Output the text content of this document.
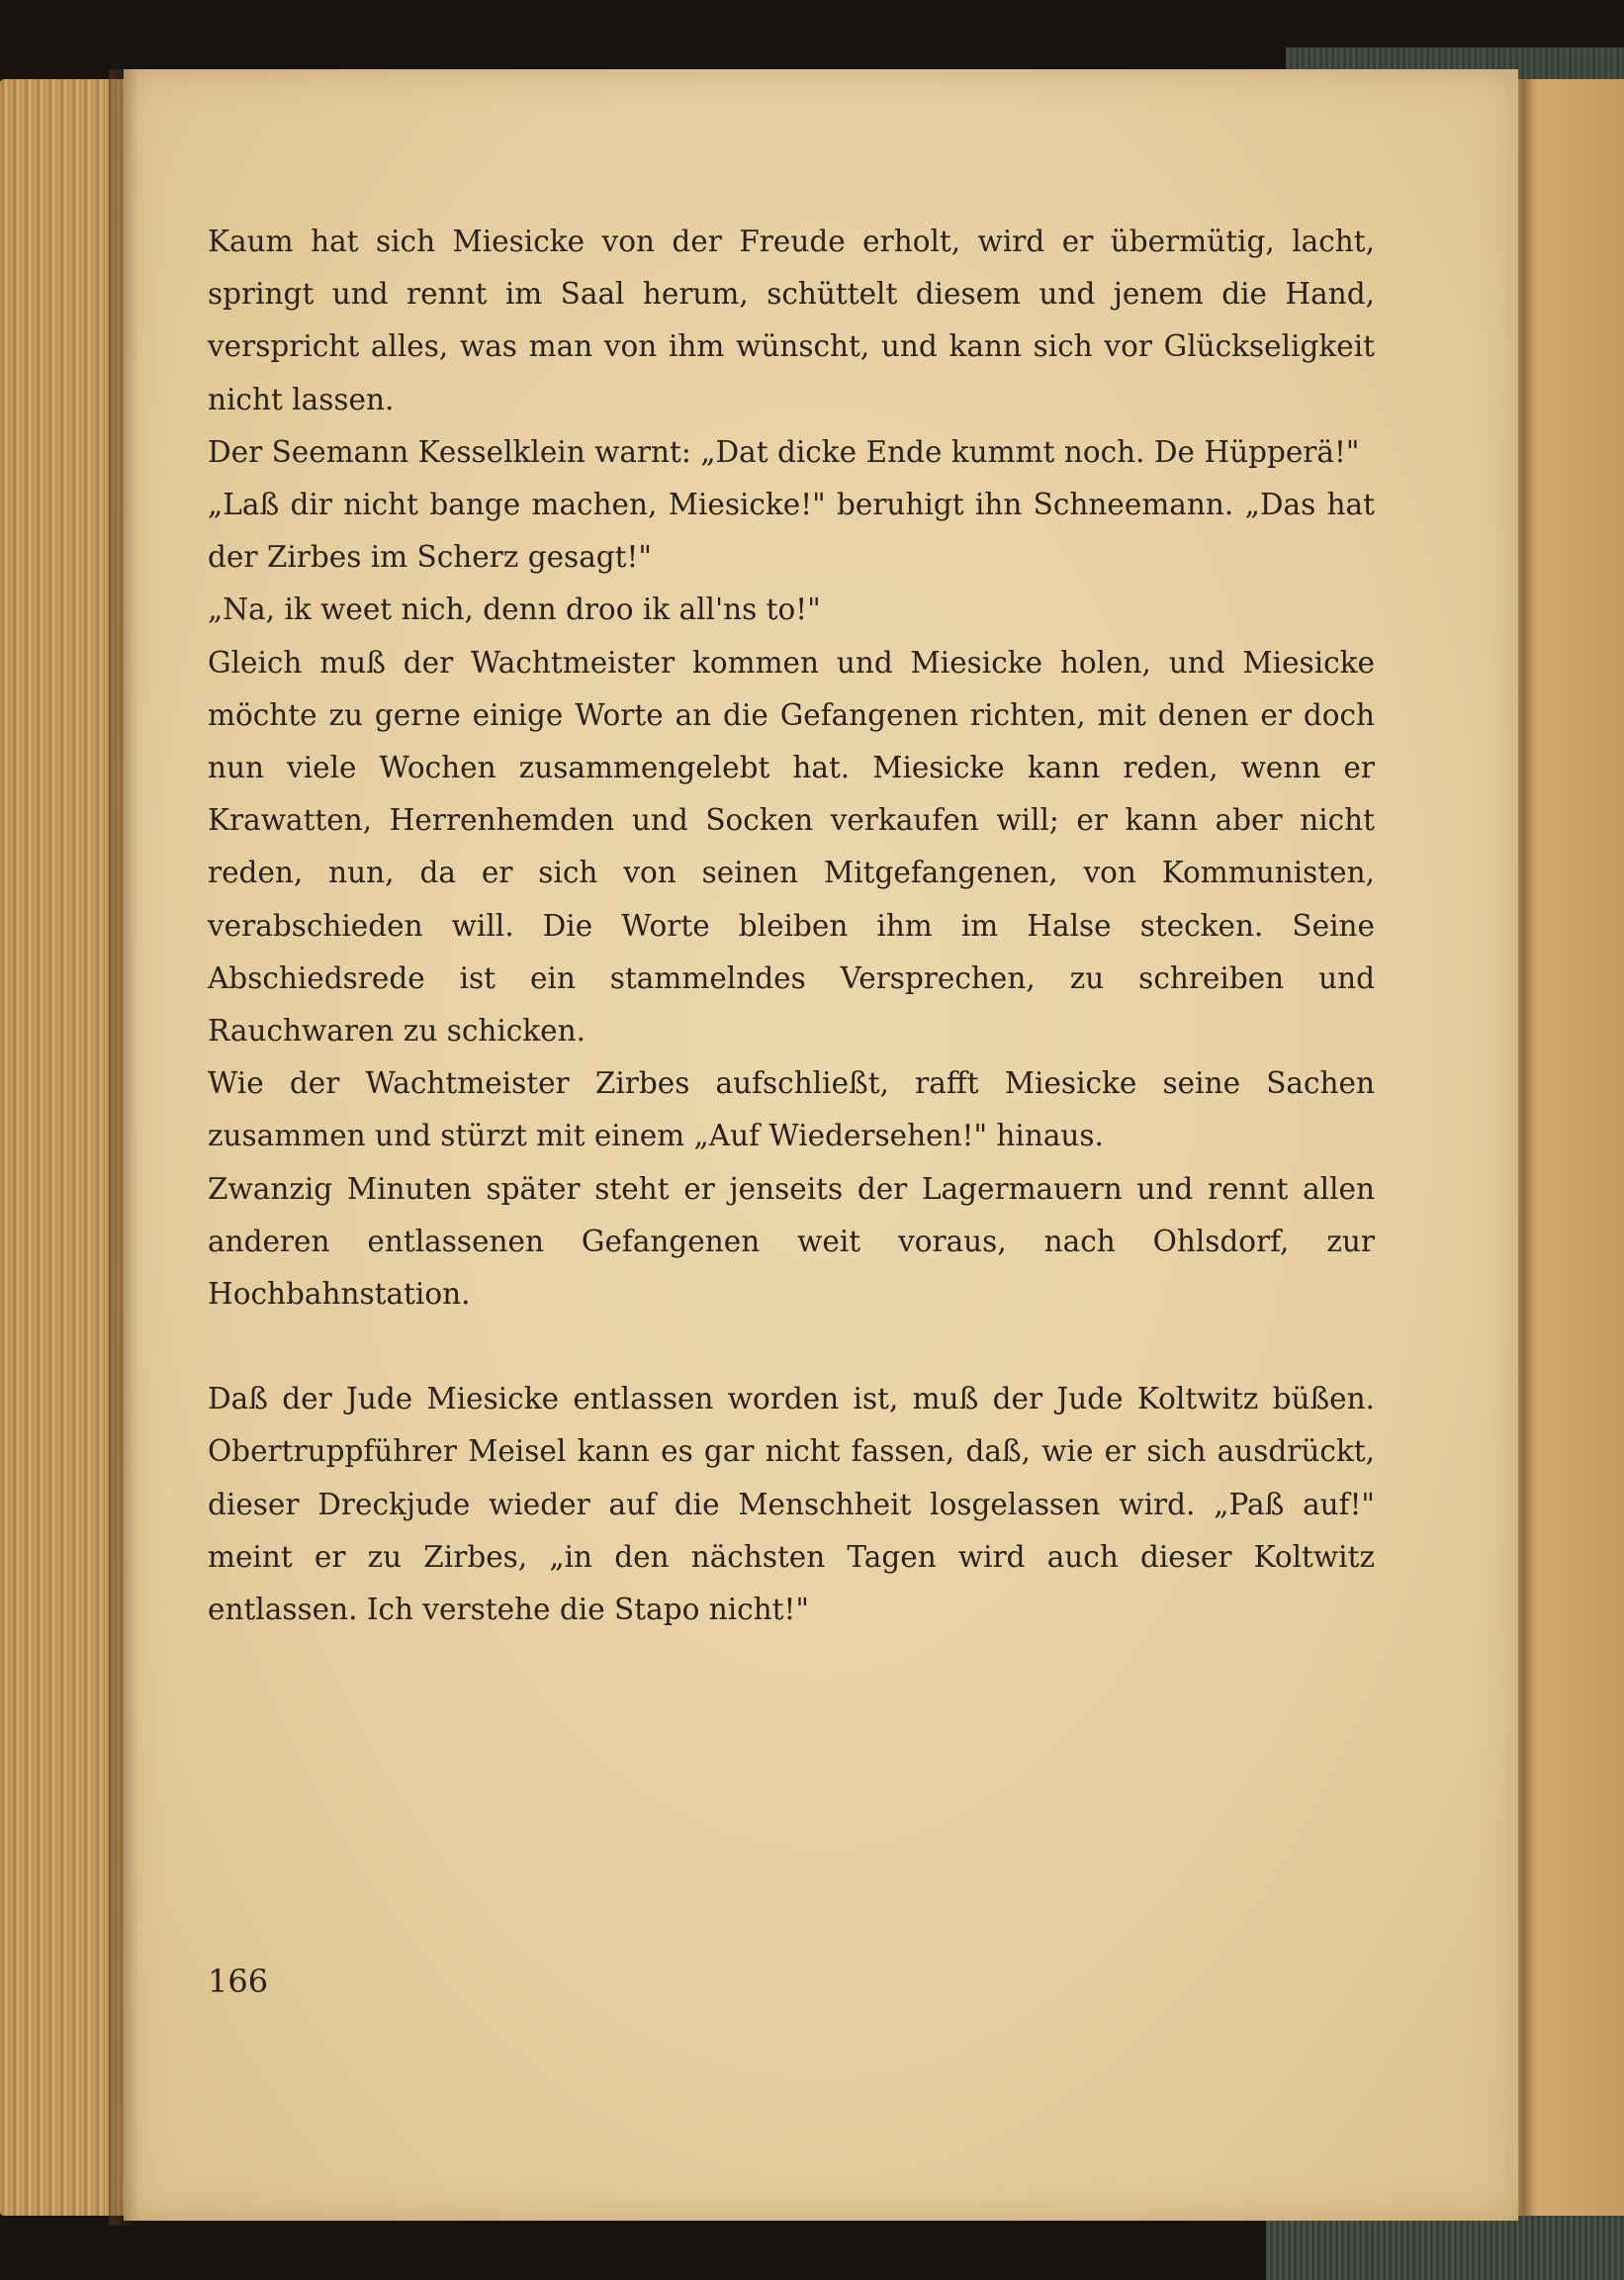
Kaum hat sich Miesicke von der Freude erholt, wird er übermütig, lacht, springt und rennt im Saal herum, schüttelt diesem und jenem die Hand, verspricht alles, was man von ihm wünscht, und kann sich vor Glückseligkeit nicht lassen.

Der Seemann Kesselklein warnt: „Dat dicke Ende kummt noch. De Hüpperä!"

„Laß dir nicht bange machen, Miesicke!" beruhigt ihn Schneemann. „Das hat der Zirbes im Scherz gesagt!"

„Na, ik weet nich, denn droo ik all'ns to!"

Gleich muß der Wachtmeister kommen und Miesicke holen, und Miesicke möchte zu gerne einige Worte an die Gefangenen richten, mit denen er doch nun viele Wochen zusammengelebt hat. Miesicke kann reden, wenn er Krawatten, Herrenhemden und Socken verkaufen will; er kann aber nicht reden, nun, da er sich von seinen Mitgefangenen, von Kommunisten, verabschieden will. Die Worte bleiben ihm im Halse stecken. Seine Abschiedsrede ist ein stammelndes Versprechen, zu schreiben und Rauchwaren zu schicken.

Wie der Wachtmeister Zirbes aufschließt, rafft Miesicke seine Sachen zusammen und stürzt mit einem „Auf Wiedersehen!" hinaus.

Zwanzig Minuten später steht er jenseits der Lagermauern und rennt allen anderen entlassenen Gefangenen weit voraus, nach Ohlsdorf, zur Hochbahnstation.

Daß der Jude Miesicke entlassen worden ist, muß der Jude Koltwitz büßen. Obertruppführer Meisel kann es gar nicht fassen, daß, wie er sich ausdrückt, dieser Dreckjude wieder auf die Menschheit losgelassen wird. „Paß auf!" meint er zu Zirbes, „in den nächsten Tagen wird auch dieser Koltwitz entlassen. Ich verstehe die Stapo nicht!"

166
